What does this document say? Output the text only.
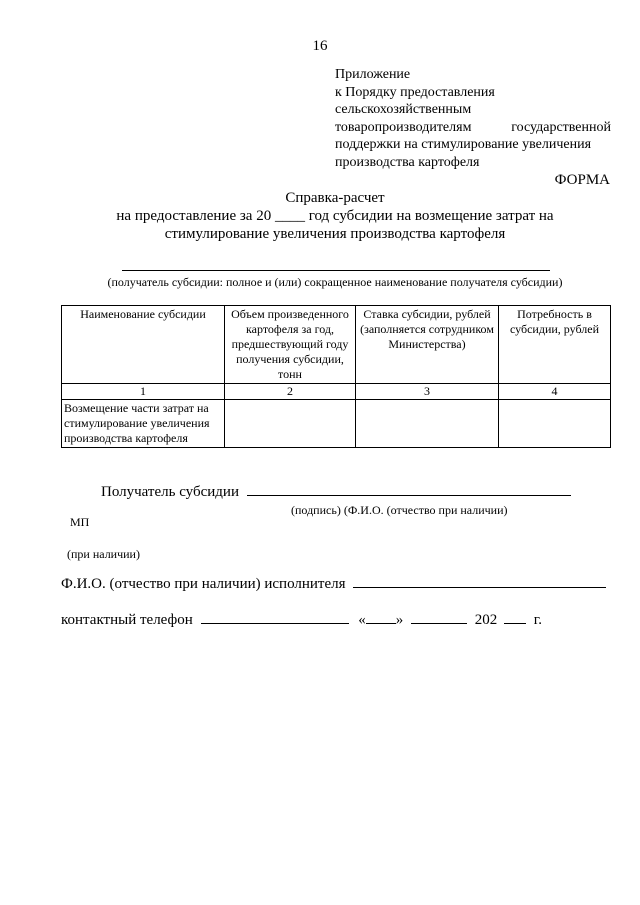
16
Приложение
к Порядку предоставления
сельскохозяйственным
товаропроизводителям	государственной
поддержки на стимулирование увеличения
производства картофеля
ФОРМА
Справка-расчет
на предоставление за 20 ____ год субсидии на возмещение затрат на
стимулирование увеличения производства картофеля
(получатель субсидии: полное и (или) сокращенное наименование получателя субсидии)
Наименование субсидии	Объем произведенного картофеля за год, предшествующий году получения субсидии, тонн	Ставка субсидии, рублей (заполняется сотрудником Министерства)	Потребность в субсидии, рублей
1	2	3	4
Возмещение части затрат на стимулирование увеличения производства картофеля			
Получатель субсидии
(подпись) (Ф.И.О. (отчество при наличии)
МП
(при наличии)
Ф.И.О. (отчество при наличии) исполнителя
контактный телефон	« »	202 г.
